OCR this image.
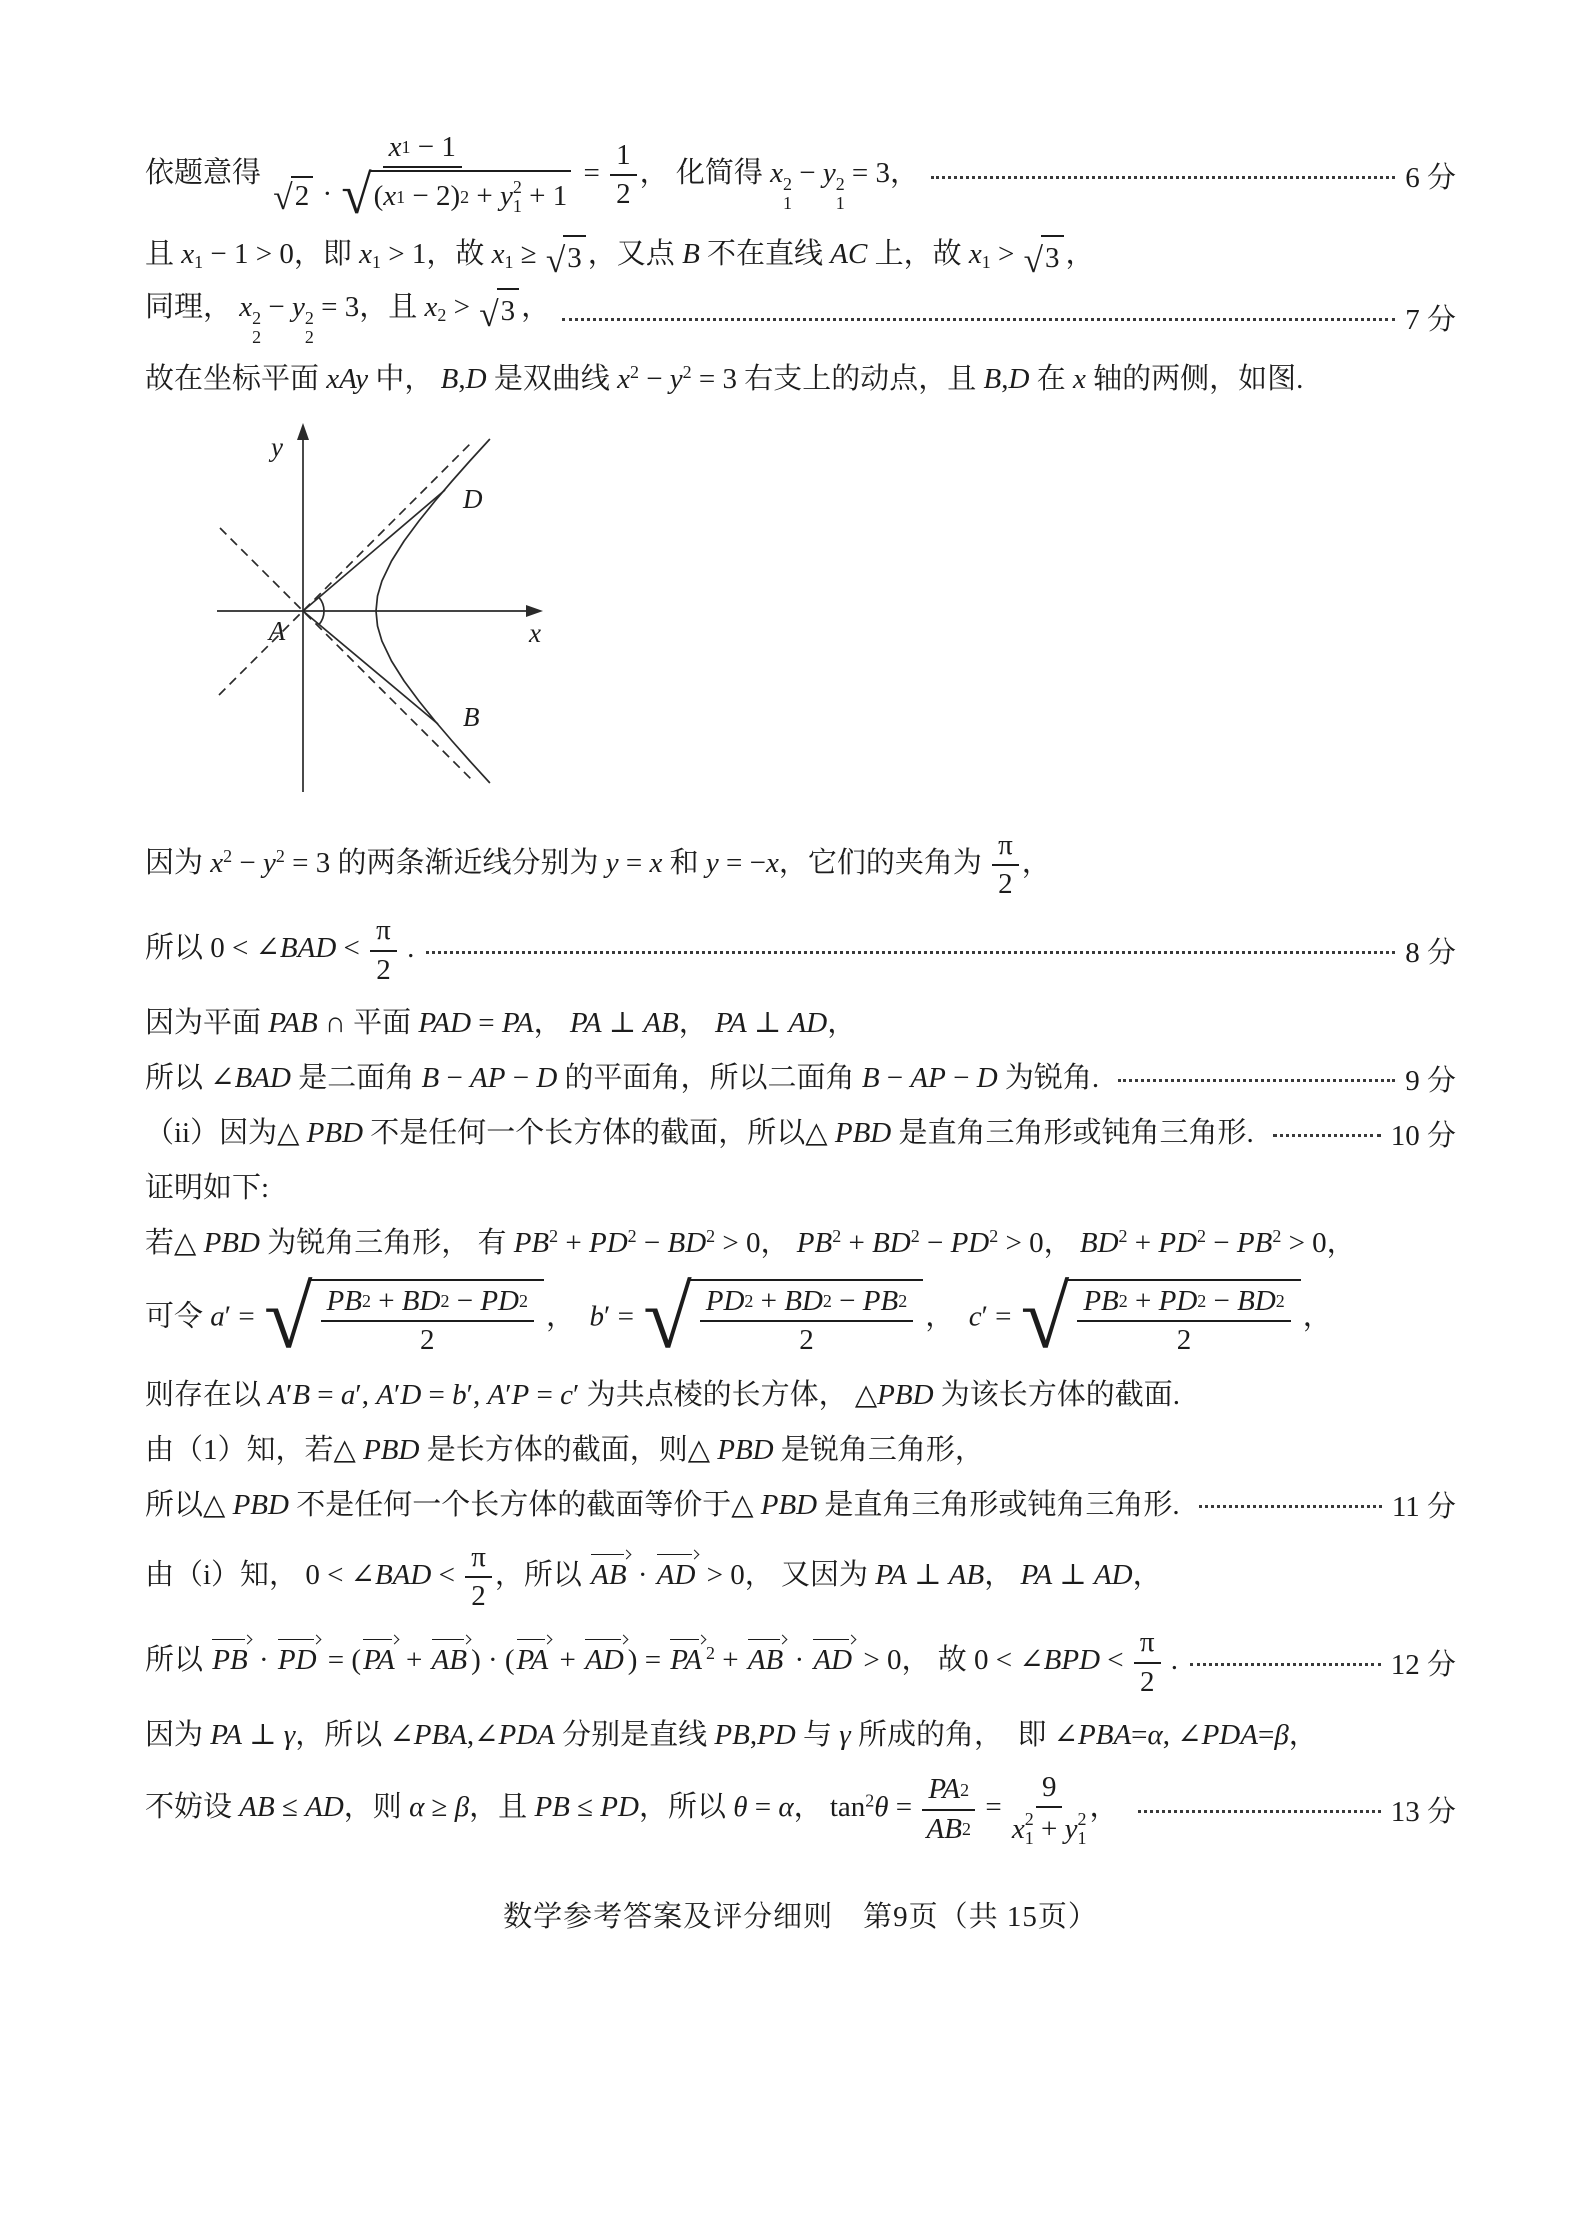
依题意得 x 1 − 1
√ 2 · √ ( x 1 − 2) 2 + y 2
$1 + 1 = \frac{1}{2}$ ， 化简得 x 2
1
− y 2
1
= 3，	6 分
且 x1 − 1 > 0，即 x1 > 1，故 x1 ≥ √ 3 ，又点 B 不在直线 AC 上，故 x1 > √ 3 ，
同理， x 2
2
− y 2
2
= 3，且 x2 > √ 3 ，	7 分
故在坐标平面 xAy 中， B,D 是双曲线 $x^2 - y^2 = 3$ 右支上的动点，且 B,D 在 x 轴的两侧，如图.
y
x
A
D
B
因为 $x^2 - y^2 = 3$ 的两条渐近线分别为 y = x 和 y = −x，它们的夹角为 $\frac{\pi}{2}$ ，
所以 0 < ∠BAD < $\frac{\pi}{2}$ .	8 分
因为平面 PAB ∩ 平面 PAD = PA， PA ⊥ AB， PA ⊥ AD，
所以 ∠BAD 是二面角 B − AP − D 的平面角，所以二面角 B − AP − D 为锐角.	9 分
（ii）因为△ PBD 不是任何一个长方体的截面，所以△ PBD 是直角三角形或钝角三角形.	10 分
证明如下:
若△ PBD 为锐角三角形， 有 $PB^2 + PD^2 - BD^2 > 0$， $PB^2 + BD^2 - PD^2 > 0$， $BD^2 + PD^2 - PB^2 > 0$，
可令 a′ = √ $\frac{PB 2 + BD 2 - PD 2}{2}$ ，  b′ = √ $\frac{PD 2 + BD 2 - PB 2}{2}$ ，  c′ = √ $\frac{PB 2 + PD 2 - BD 2}{2}$ ，
则存在以 A′B = a′, A′D = b′, A′P = c′ 为共点棱的长方体， △PBD 为该长方体的截面.
由（1）知，若△ PBD 是长方体的截面，则△ PBD 是锐角三角形，
所以△ PBD 不是任何一个长方体的截面等价于△ PBD 是直角三角形或钝角三角形.	11 分
由（i）知， 0 < ∠BAD < $\frac{\pi}{2}$ ，所以 AB · AD > 0， 又因为 PA ⊥ AB， PA ⊥ AD，
所以 PB · PD = (PA + AB ) · (PA + AD ) = PA $^2$ + AB · AD > 0， 故 0 < ∠BPD < $\frac{\pi}{2}$ .	12 分
因为 PA ⊥ γ，所以 ∠PBA,∠PDA 分别是直线 PB,PD 与 γ 所成的角，  即 ∠PBA=α, ∠PDA=β，
不妨设 AB ≤ AD，则 α ≥ β，且 PB ≤ PD，所以 θ = α， $\tan^2\theta = \frac{PA 2}{AB 2} = 9$
x 2
1 + y 2
1 ，	13 分
数学参考答案及评分细则　第9页（共 15页）
